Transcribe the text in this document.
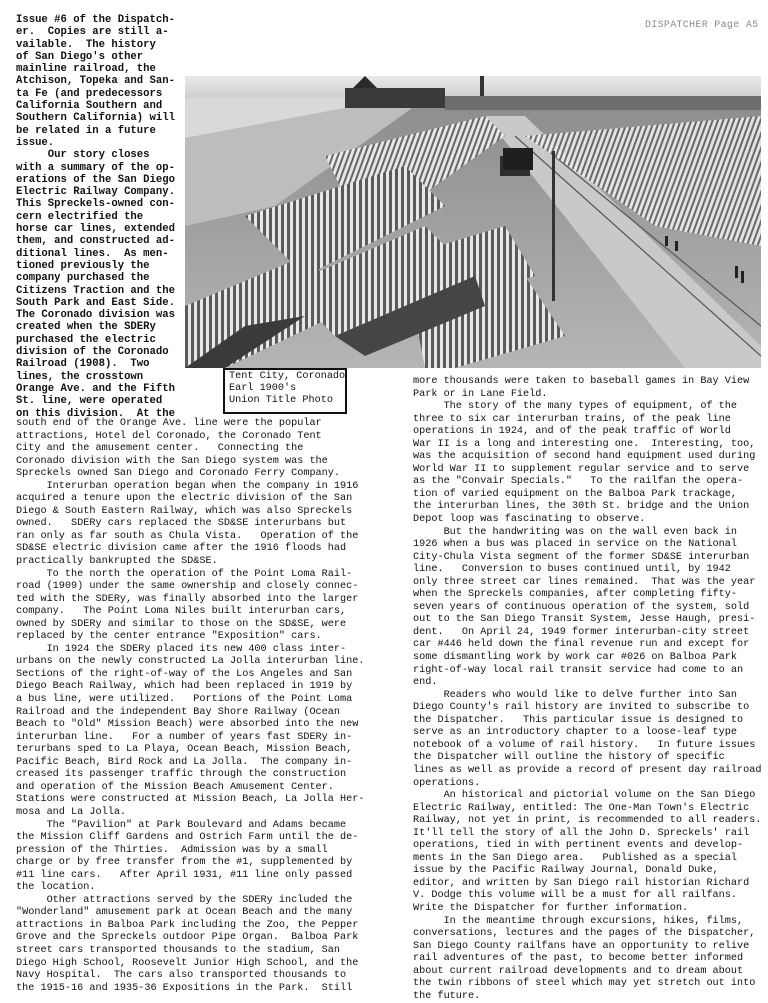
DISPATCHER Page A5
Issue #6 of the Dispatch-
er.  Copies are still a-
vailable.  The history
of San Diego's other
mainline railroad, the
Atchison, Topeka and San-
ta Fe (and predecessors
California Southern and
Southern California) will
be related in a future
issue.
Our story closes
with a summary of the op-
erations of the San Diego
Electric Railway Company.
This Spreckels-owned con-
cern electrified the
horse car lines, extended
them, and constructed ad-
ditional lines.  As men-
tioned previously the
company purchased the
Citizens Traction and the
South Park and East Side.
The Coronado division was
created when the SDERy
purchased the electric
division of the Coronado
Railroad (1908).  Two
lines, the crosstown
Orange Ave. and the Fifth
St. line, were operated
on this division.  At the

Tent City, Coronado
Earl 1900's
Union Title Photo
south end of the Orange Ave. line were the popular
attractions, Hotel del Coronado, the Coronado Tent
City and the amusement center.   Connecting the
Coronado division with the San Diego system was the
Spreckels owned San Diego and Coronado Ferry Company.
Interurban operation began when the company in 1916
acquired a tenure upon the electric division of the San
Diego & South Eastern Railway, which was also Spreckels
owned.   SDERy cars replaced the SD&SE interurbans but
ran only as far south as Chula Vista.   Operation of the
SD&SE electric division came after the 1916 floods had
practically bankrupted the SD&SE.
To the north the operation of the Point Loma Rail-
road (1909) under the same ownership and closely connec-
ted with the SDERy, was finally absorbed into the larger
company.   The Point Loma Niles built interurban cars,
owned by SDERy and similar to those on the SD&SE, were
replaced by the center entrance "Exposition" cars.
In 1924 the SDERy placed its new 400 class inter-
urbans on the newly constructed La Jolla interurban line.
Sections of the right-of-way of the Los Angeles and San
Diego Beach Railway, which had been replaced in 1919 by
a bus line, were utilized.   Portions of the Point Loma
Railroad and the independent Bay Shore Railway (Ocean
Beach to "Old" Mission Beach) were absorbed into the new
interurban line.   For a number of years fast SDERy in-
terurbans sped to La Playa, Ocean Beach, Mission Beach,
Pacific Beach, Bird Rock and La Jolla.  The company in-
creased its passenger traffic through the construction
and operation of the Mission Beach Amusement Center.
Stations were constructed at Mission Beach, La Jolla Her-
mosa and La Jolla.
The "Pavilion" at Park Boulevard and Adams became
the Mission Cliff Gardens and Ostrich Farm until the de-
pression of the Thirties.  Admission was by a small
charge or by free transfer from the #1, supplemented by
#11 line cars.   After April 1931, #11 line only passed
the location.
Other attractions served by the SDERy included the
"Wonderland" amusement park at Ocean Beach and the many
attractions in Balboa Park including the Zoo, the Pepper
Grove and the Spreckels outdoor Pipe Organ.  Balboa Park
street cars transported thousands to the stadium, San
Diego High School, Roosevelt Junior High School, and the
Navy Hospital.  The cars also transported thousands to
the 1915-16 and 1935-36 Expositions in the Park.  Still

more thousands were taken to baseball games in Bay View
Park or in Lane Field.
The story of the many types of equipment, of the
three to six car interurban trains, of the peak line
operations in 1924, and of the peak traffic of World
War II is a long and interesting one.  Interesting, too,
was the acquisition of second hand equipment used during
World War II to supplement regular service and to serve
as the "Convair Specials."   To the railfan the opera-
tion of varied equipment on the Balboa Park trackage,
the interurban lines, the 30th St. bridge and the Union
Depot loop was fascinating to observe.
But the handwriting was on the wall even back in
1926 when a bus was placed in service on the National
City-Chula Vista segment of the former SD&SE interurban
line.   Conversion to buses continued until, by 1942
only three street car lines remained.  That was the year
when the Spreckels companies, after completing fifty-
seven years of continuous operation of the system, sold
out to the San Diego Transit System, Jesse Haugh, presi-
dent.   On April 24, 1949 former interurban-city street
car #446 held down the final revenue run and except for
some dismantling work by work car #026 on Balboa Park
right-of-way local rail transit service had come to an
end.
Readers who would like to delve further into San
Diego County's rail history are invited to subscribe to
the Dispatcher.   This particular issue is designed to
serve as an introductory chapter to a loose-leaf type
notebook of a volume of rail history.   In future issues
the Dispatcher will outline the history of specific
lines as well as provide a record of present day railroad
operations.
An historical and pictorial volume on the San Diego
Electric Railway, entitled: The One-Man Town's Electric
Railway, not yet in print, is recommended to all readers.
It'll tell the story of all the John D. Spreckels' rail
operations, tied in with pertinent events and develop-
ments in the San Diego area.   Published as a special
issue by the Pacific Railway Journal, Donald Duke,
editor, and written by San Diego rail historian Richard
V. Dodge this volume will be a must for all railfans.
Write the Dispatcher for further information.
In the meantime through excursions, hikes, films,
conversations, lectures and the pages of the Dispatcher,
San Diego County railfans have an opportunity to relive
rail adventures of the past, to become better informed
about current railroad developments and to dream about
the twin ribbons of steel which may yet stretch out into
the future.
